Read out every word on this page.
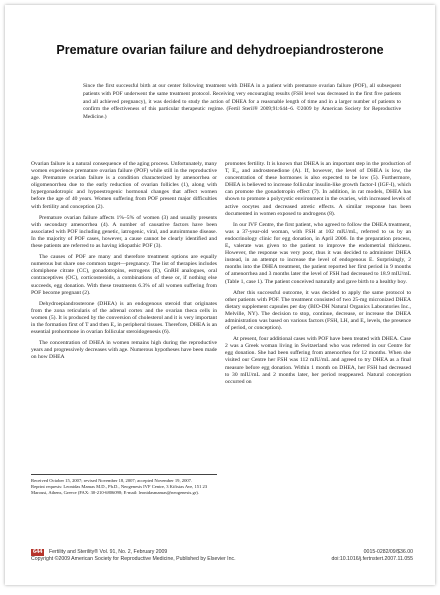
Premature ovarian failure and dehydroepiandrosterone
Since the first successful birth at our center following treatment with DHEA in a patient with premature ovarian failure (POF), all subsequent patients with POF underwent the same treatment protocol. Receiving very encouraging results (FSH level was decreased in the first five patients and all achieved pregnancy), it was decided to study the action of DHEA for a reasonable length of time and in a larger number of patients to confirm the effectiveness of this particular therapeutic regime. (Fertil Steril® 2009;91:644–6. ©2009 by American Society for Reproductive Medicine.)

Ovarian failure is a natural consequence of the aging process. Unfortunately, many women experience premature ovarian failure (POF) while still in the reproductive age. Premature ovarian failure is a condition characterized by amenorrhea or oligomenorrhea due to the early reduction of ovarian follicles (1), along with hypergonadotropic and hypoestrogenic hormonal changes that affect women before the age of 40 years. Women suffering from POF present major difficulties with fertility and conception (2).

Premature ovarian failure affects 1%–5% of women (3) and usually presents with secondary amenorrhea (4). A number of causative factors have been associated with POF including genetic, iatrogenic, viral, and autoimmune disease. In the majority of POF cases, however, a cause cannot be clearly identified and these patients are referred to as having idiopathic POF (3).

The causes of POF are many and therefore treatment options are equally numerous but share one common target—pregnancy. The list of therapies includes clomiphene citrate (CC), gonadotropins, estrogens (E), GnRH analogues, oral contraceptives (OC), corticosteroids, a combinations of these or, if nothing else succeeds, egg donation. With these treatments 6.3% of all women suffering from POF become pregnant (2).

Dehydroepiandrosterone (DHEA) is an endogenous steroid that originates from the zona reticularis of the adrenal cortex and the ovarian theca cells in women (5). It is produced by the conversion of cholesterol and it is very important in the formation first of T and then E₂ in peripheral tissues. Therefore, DHEA is an essential prohormone in ovarian follicular steroidogenesis (6).

The concentration of DHEA in women remains high during the reproductive years and progressively decreases with age. Numerous hypotheses have been made on how DHEA

Received October 15, 2007; revised November 18, 2007; accepted November 19, 2007.
Reprint requests: Leonidas Mamas M.D., Ph.D., Neogenesis IVF Centre, 3 Kifisias Ave, 151 23 Marousi, Athens, Greece (FAX: 30-210-6806098; E-mail: leonidasmamas@neogenesis.gr).

promotes fertility. It is known that DHEA is an important step in the production of T, E₂, and androstenedione (A). If, however, the level of DHEA is low, the concentration of these hormones is also expected to be low (5). Furthermore, DHEA is believed to increase follicular insulin-like growth factor-I (IGF-I), which can promote the gonadotropin effect (7). In addition, in rat models, DHEA has shown to promote a polycystic environment in the ovaries, with increased levels of active oocytes and decreased atretic effects. A similar response has been documented in women exposed to androgens (8).

In our IVF Centre, the first patient, who agreed to follow the DHEA treatment, was a 37-year-old woman, with FSH at 102 mIU/mL, referred to us by an endocrinology clinic for egg donation, in April 2006. In the preparation process, E₂ valerate was given to the patient to improve the endometrial thickness. However, the response was very poor, thus it was decided to administer DHEA instead, in an attempt to increase the level of endogenous E. Surprisingly, 2 months into the DHEA treatment, the patient reported her first period in 9 months of amenorrhea and 3 months later the level of FSH had decreased to 18.9 mIU/mL (Table 1, case 1). The patient conceived naturally and gave birth to a healthy boy.

After this successful outcome, it was decided to apply the same protocol to other patients with POF. The treatment consisted of two 25-mg micronized DHEA dietary supplement capsules per day (BIO-DH Natural Organics Laboratories Inc., Melville, NY). The decision to stop, continue, decrease, or increase the DHEA administration was based on various factors (FSH, LH, and E₂ levels, the presence of period, or conception).

At present, four additional cases with POF have been treated with DHEA. Case 2 was a Greek woman living in Switzerland who was referred in our Centre for egg donation. She had been suffering from amenorrhea for 12 months. When she visited our Centre her FSH was 112 mIU/mL and agreed to try DHEA as a final measure before egg donation. Within 1 month on DHEA, her FSH had decreased to 30 mIU/mL and 2 months later, her period reappeared. Natural conception occurred on

644	Fertility and Sterility® Vol. 91, No. 2, February 2009	0015-0282/09/$36.00
Copyright ©2009 American Society for Reproductive Medicine, Published by Elsevier Inc.	doi:10.1016/j.fertnstert.2007.11.055
